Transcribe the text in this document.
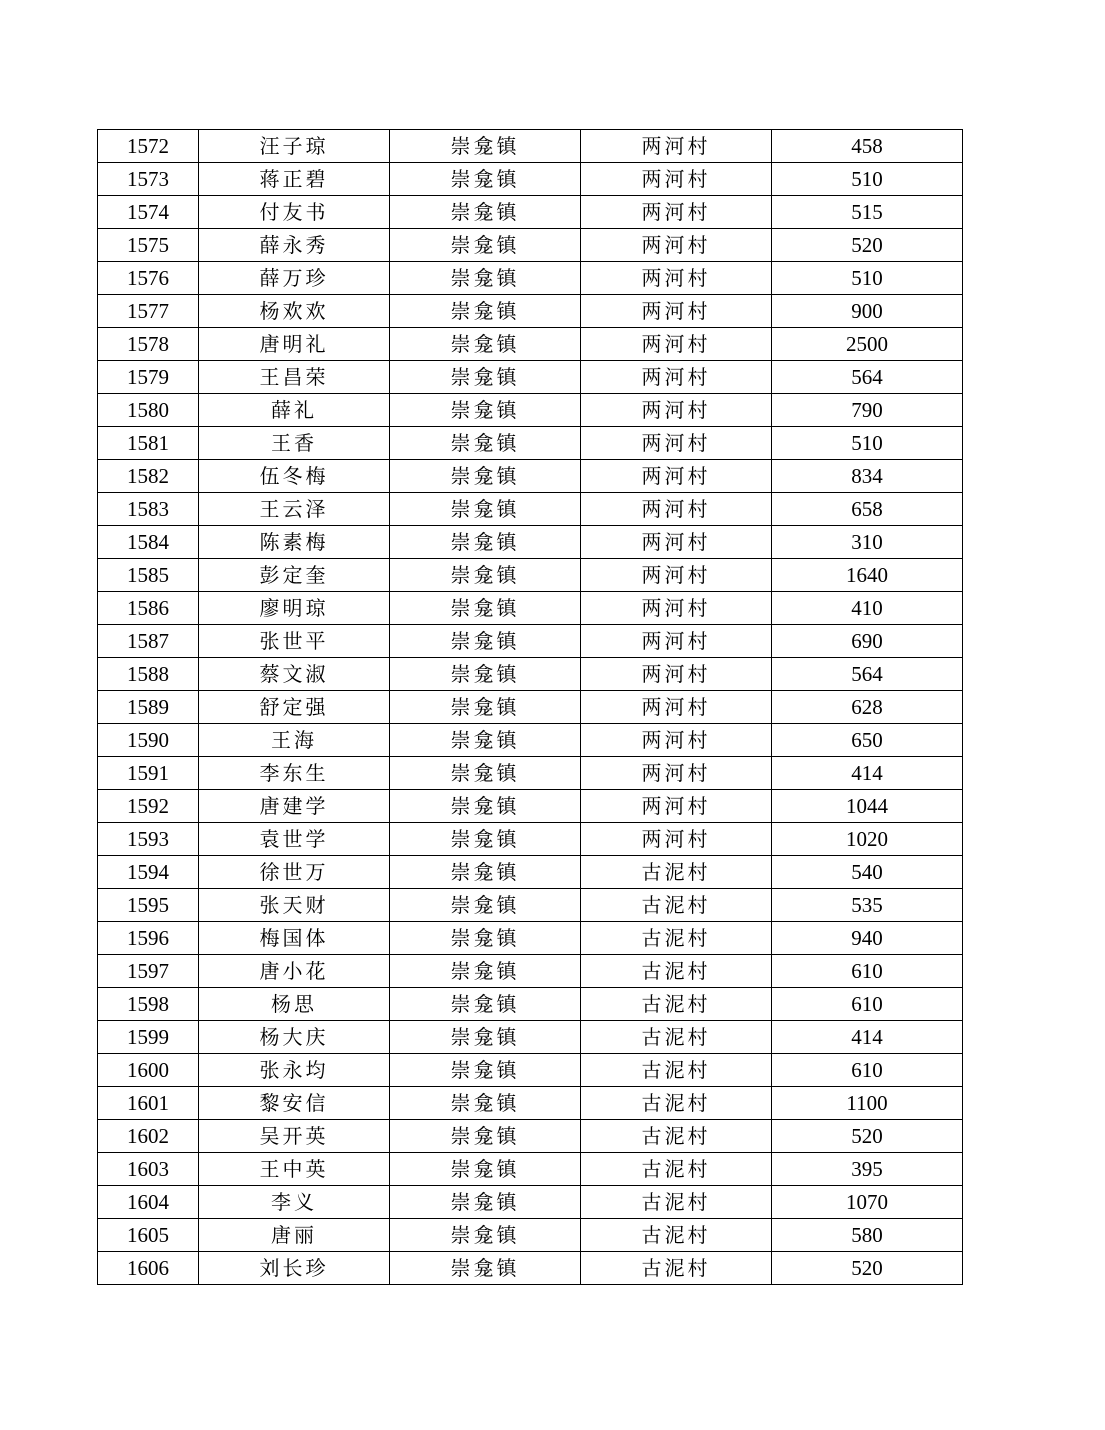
1572	汪子琼	崇龛镇	两河村	458
1573	蒋正碧	崇龛镇	两河村	510
1574	付友书	崇龛镇	两河村	515
1575	薛永秀	崇龛镇	两河村	520
1576	薛万珍	崇龛镇	两河村	510
1577	杨欢欢	崇龛镇	两河村	900
1578	唐明礼	崇龛镇	两河村	2500
1579	王昌荣	崇龛镇	两河村	564
1580	薛礼	崇龛镇	两河村	790
1581	王香	崇龛镇	两河村	510
1582	伍冬梅	崇龛镇	两河村	834
1583	王云泽	崇龛镇	两河村	658
1584	陈素梅	崇龛镇	两河村	310
1585	彭定奎	崇龛镇	两河村	1640
1586	廖明琼	崇龛镇	两河村	410
1587	张世平	崇龛镇	两河村	690
1588	蔡文淑	崇龛镇	两河村	564
1589	舒定强	崇龛镇	两河村	628
1590	王海	崇龛镇	两河村	650
1591	李东生	崇龛镇	两河村	414
1592	唐建学	崇龛镇	两河村	1044
1593	袁世学	崇龛镇	两河村	1020
1594	徐世万	崇龛镇	古泥村	540
1595	张天财	崇龛镇	古泥村	535
1596	梅国体	崇龛镇	古泥村	940
1597	唐小花	崇龛镇	古泥村	610
1598	杨思	崇龛镇	古泥村	610
1599	杨大庆	崇龛镇	古泥村	414
1600	张永均	崇龛镇	古泥村	610
1601	黎安信	崇龛镇	古泥村	1100
1602	吴开英	崇龛镇	古泥村	520
1603	王中英	崇龛镇	古泥村	395
1604	李义	崇龛镇	古泥村	1070
1605	唐丽	崇龛镇	古泥村	580
1606	刘长珍	崇龛镇	古泥村	520
